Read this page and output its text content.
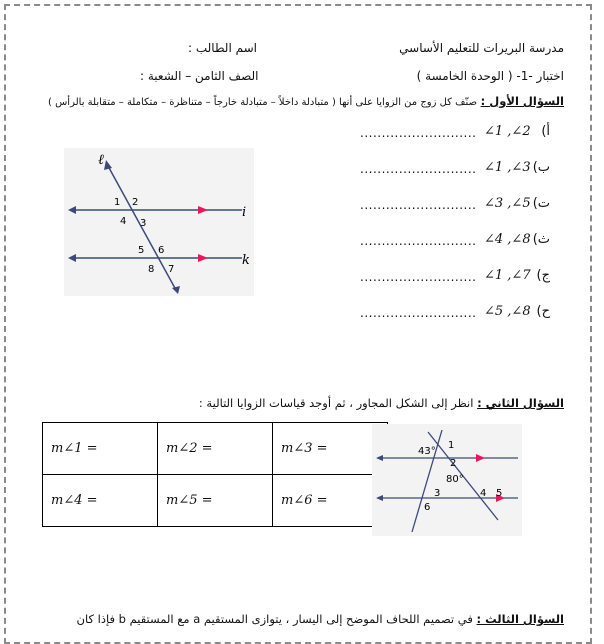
مدرسة البريرات للتعليم الأساسي
اسم الطالب :
اختبار -1- ( الوحدة الخامسة )
الصف الثامن – الشعبة :
السؤال الأول : صنّف كل زوج من الزوايا على أنها ( متبادلة داخلاً – متبادلة خارجاً – متناظرة – متكاملة – متقابلة بالرأس )
........................... ∠1 ,∠2 أ)
........................... ∠1 ,∠3 ب)
........................... ∠3 ,∠5 ت)
........................... ∠4 ,∠8 ث)
........................... ∠1 ,∠7 ج)
........................... ∠5 ,∠8 ح)
ℓ
i
k
1 2
4 3
5 6
8 7
السؤال الثاني : انظر إلى الشكل المجاور ، ثم أوجد قياسات الزوايا التالية :
m∠1 =	m∠2 =	m∠3 =
m∠4 =	m∠5 =	m∠6 =
43°
1
2
80°
3	4 5
6
السؤال الثالث : في تصميم اللحاف الموضح إلى اليسار ، يتوازى المستقيم a مع المستقيم b فإذا كان
